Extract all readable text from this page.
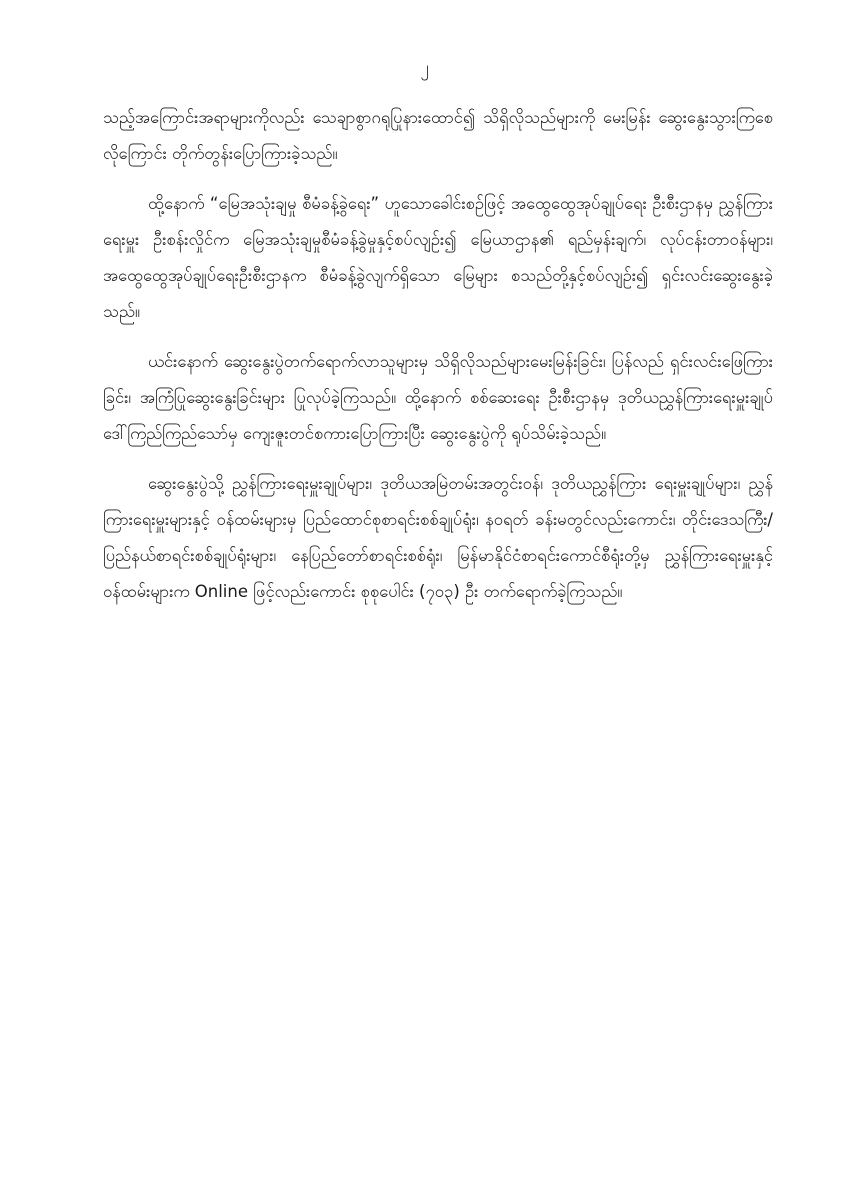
၂

သည့်အကြောင်းအရာများကိုလည်း သေချာစွာဂရုပြုနားထောင်၍ သိရှိလိုသည်များကို မေးမြန်း ဆွေးနွေးသွားကြစေလိုကြောင်း တိုက်တွန်းပြောကြားခဲ့သည်။

ထို့နောက် “မြေအသုံးချမှု စီမံခန့်ခွဲရေး” ဟူသောခေါင်းစဉ်ဖြင့် အထွေထွေအုပ်ချုပ်ရေး ဦးစီးဌာနမှ ညွှန်ကြားရေးမှူး ဦးစန်းလှိုင်က မြေအသုံးချမှုစီမံခန့်ခွဲမှုနှင့်စပ်လျဉ်း၍ မြေယာဌာန၏ ရည်မှန်းချက်၊ လုပ်ငန်းတာဝန်များ၊ အထွေထွေအုပ်ချုပ်ရေးဦးစီးဌာနက စီမံခန့်ခွဲလျက်ရှိသော မြေများ စသည်တို့နှင့်စပ်လျဉ်း၍ ရှင်းလင်းဆွေးနွေးခဲ့သည်။

ယင်းနောက် ဆွေးနွေးပွဲတက်ရောက်လာသူများမှ သိရှိလိုသည်များမေးမြန်းခြင်း၊ ပြန်လည် ရှင်းလင်းဖြေကြားခြင်း၊ အကြံပြုဆွေးနွေးခြင်းများ ပြုလုပ်ခဲ့ကြသည်။ ထို့နောက် စစ်ဆေးရေး ဦးစီးဌာနမှ ဒုတိယညွှန်ကြားရေးမှူးချုပ် ဒေါ်ကြည်ကြည်သော်မှ ကျေးဇူးတင်စကားပြောကြားပြီး ဆွေးနွေးပွဲကို ရုပ်သိမ်းခဲ့သည်။

ဆွေးနွေးပွဲသို့ ညွှန်ကြားရေးမှူးချုပ်များ၊ ဒုတိယအမြဲတမ်းအတွင်းဝန်၊ ဒုတိယညွှန်ကြား ရေးမှူးချုပ်များ၊ ညွှန်ကြားရေးမှူးများနှင့် ဝန်ထမ်းများမှ ပြည်ထောင်စုစာရင်းစစ်ချုပ်ရုံး၊ နဝရတ် ခန်းမတွင်လည်းကောင်း၊ တိုင်းဒေသကြီး/ပြည်နယ်စာရင်းစစ်ချုပ်ရုံးများ၊ နေပြည်တော်စာရင်းစစ်ရုံး၊ မြန်မာနိုင်ငံစာရင်းကောင်စီရုံးတို့မှ ညွှန်ကြားရေးမှူးနှင့်ဝန်ထမ်းများက Online ဖြင့်လည်းကောင်း စုစုပေါင်း (၇၀၃) ဦး တက်ရောက်ခဲ့ကြသည်။
